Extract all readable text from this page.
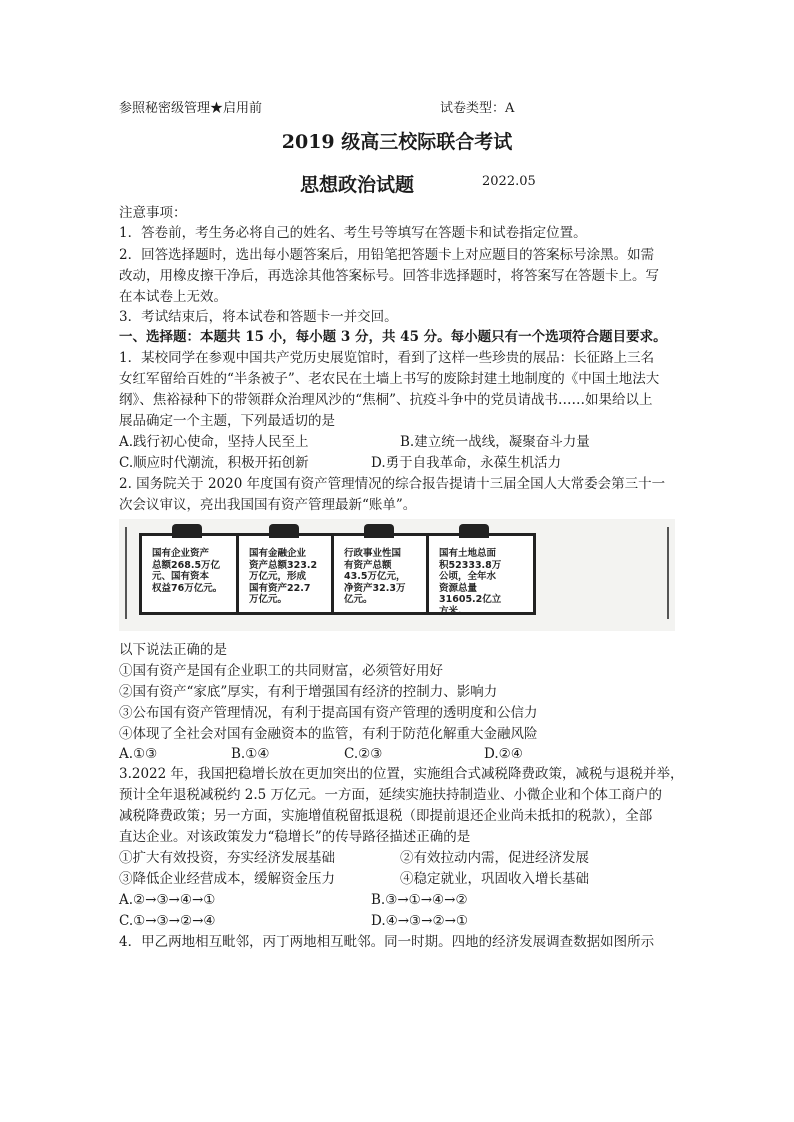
参照秘密级管理★启用前	试卷类型：A
2019 级高三校际联合考试
思想政治试题	2022.05
注意事项：
1．答卷前，考生务必将自己的姓名、考生号等填写在答题卡和试卷指定位置。
2．回答选择题时，选出每小题答案后，用铅笔把答题卡上对应题目的答案标号涂黑。如需
改动，用橡皮擦干净后，再选涂其他答案标号。回答非选择题时，将答案写在答题卡上。写
在本试卷上无效。
3．考试结束后，将本试卷和答题卡一并交回。
一、选择题：本题共 15 小，每小题 3 分，共 45 分。每小题只有一个选项符合题目要求。
1．某校同学在参观中国共产党历史展览馆时，看到了这样一些珍贵的展品：长征路上三名
女红军留给百姓的“半条被子”、老农民在土墙上书写的废除封建土地制度的《中国土地法大
纲》、焦裕禄种下的带领群众治理风沙的“焦桐”、抗疫斗争中的党员请战书……如果给以上
展品确定一个主题，下列最适切的是
A.践行初心使命，坚持人民至上	B.建立统一战线，凝聚奋斗力量
C.顺应时代潮流，积极开拓创新	D.勇于自我革命，永葆生机活力
2. 国务院关于 2020 年度国有资产管理情况的综合报告提请十三届全国人大常委会第三十一
次会议审议，亮出我国国有资产管理最新“账单”。
国有企业资产
总额268.5万亿
元、国有资本
权益76万亿元。
国有金融企业
资产总额323.2
万亿元，形成
国有资产22.7
万亿元。
行政事业性国
有资产总额
43.5万亿元，
净资产32.3万
亿元。
国有土地总面
积52333.8万
公顷，全年水
资源总量
31605.2亿立
方米。
以下说法正确的是
①国有资产是国有企业职工的共同财富，必须管好用好
②国有资产“家底”厚实，有利于增强国有经济的控制力、影响力
③公布国有资产管理情况，有利于提高国有资产管理的透明度和公信力
④体现了全社会对国有金融资本的监管，有利于防范化解重大金融风险
A.①③	B.①④	C.②③	D.②④
3.2022 年，我国把稳增长放在更加突出的位置，实施组合式减税降费政策，减税与退税并举，
预计全年退税减税约 2.5 万亿元。一方面，延续实施扶持制造业、小微企业和个体工商户的
减税降费政策；另一方面，实施增值税留抵退税（即提前退还企业尚未抵扣的税款），全部
直达企业。对该政策发力“稳增长”的传导路径描述正确的是
①扩大有效投资，夯实经济发展基础	②有效拉动内需，促进经济发展
③降低企业经营成本，缓解资金压力	④稳定就业，巩固收入增长基础
A.②→③→④→①	B.③→①→④→②
C.①→③→②→④	D.④→③→②→①
4．甲乙两地相互毗邻，丙丁两地相互毗邻。同一时期。四地的经济发展调查数据如图所示
